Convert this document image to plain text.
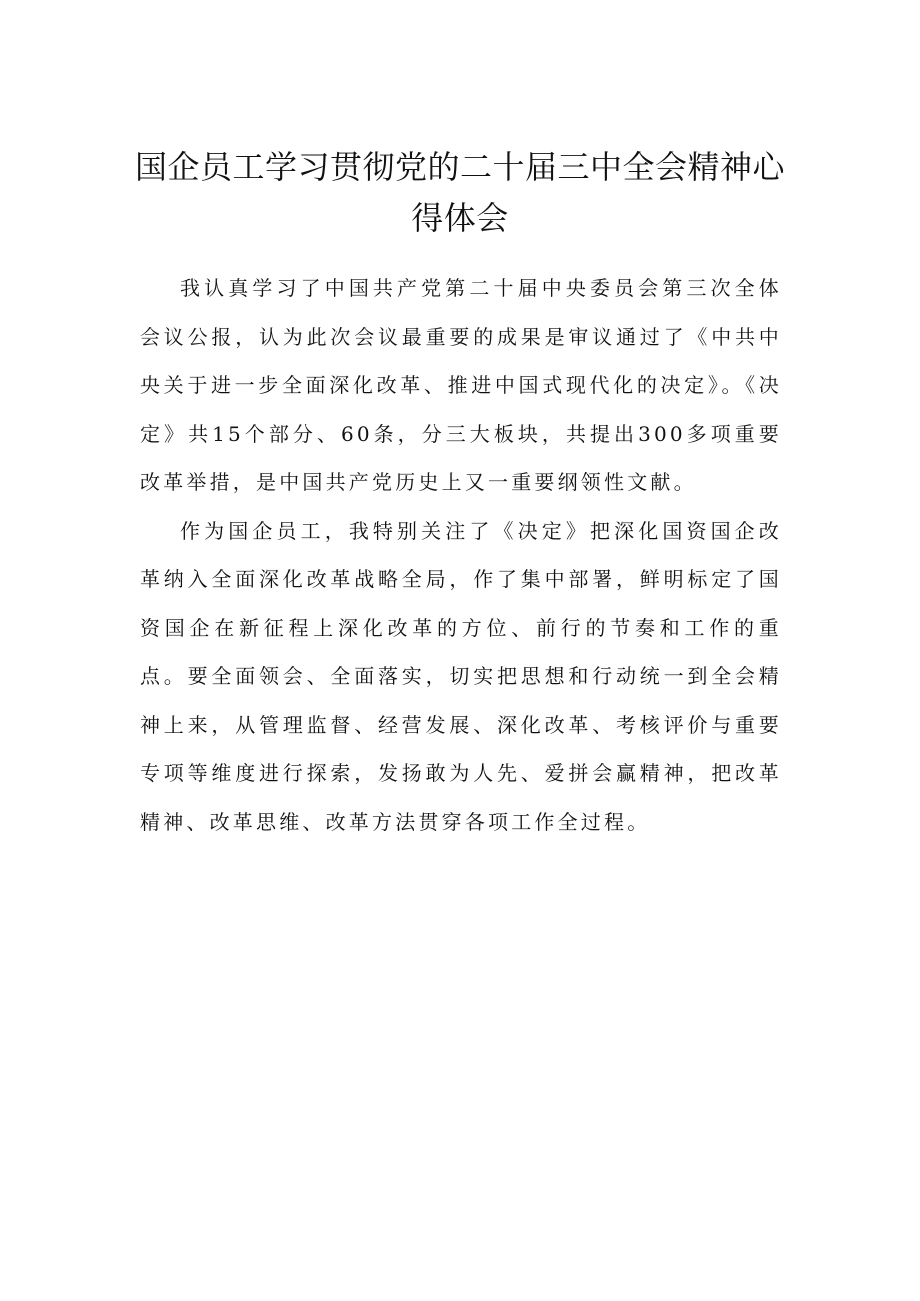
国企员工学习贯彻党的二十届三中全会精神心得体会

我认真学习了中国共产党第二十届中央委员会第三次全体会议公报，认为此次会议最重要的成果是审议通过了《中共中央关于进一步全面深化改革、推进中国式现代化的决定》。《决定》共15个部分、60条，分三大板块，共提出300多项重要改革举措，是中国共产党历史上又一重要纲领性文献。

作为国企员工，我特别关注了《决定》把深化国资国企改革纳入全面深化改革战略全局，作了集中部署，鲜明标定了国资国企在新征程上深化改革的方位、前行的节奏和工作的重点。要全面领会、全面落实，切实把思想和行动统一到全会精神上来，从管理监督、经营发展、深化改革、考核评价与重要专项等维度进行探索，发扬敢为人先、爱拼会赢精神，把改革精神、改革思维、改革方法贯穿各项工作全过程。
